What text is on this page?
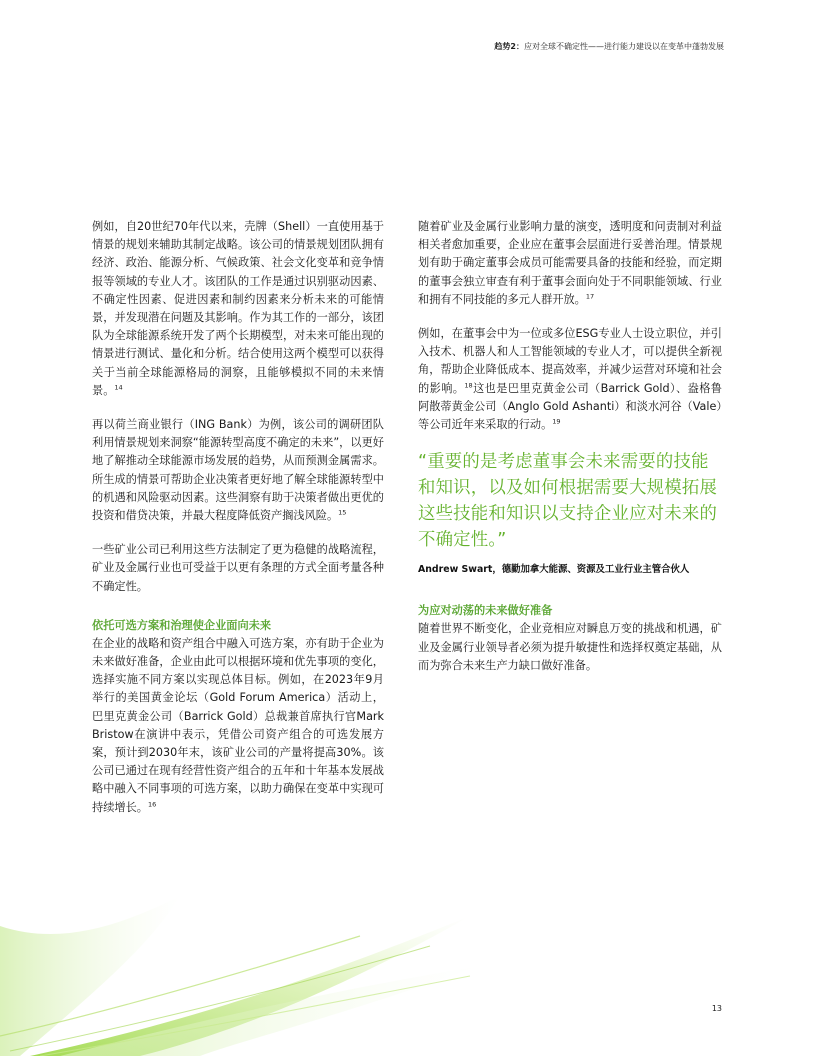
趋势2：应对全球不确定性——进行能力建设以在变革中蓬勃发展

例如，自20世纪70年代以来，壳牌（Shell）一直使用基于情景的规划来辅助其制定战略。该公司的情景规划团队拥有经济、政治、能源分析、气候政策、社会文化变革和竞争情报等领域的专业人才。该团队的工作是通过识别驱动因素、不确定性因素、促进因素和制约因素来分析未来的可能情景，并发现潜在问题及其影响。作为其工作的一部分，该团队为全球能源系统开发了两个长期模型，对未来可能出现的情景进行测试、量化和分析。结合使用这两个模型可以获得关于当前全球能源格局的洞察，且能够模拟不同的未来情景。$^{14}$

再以荷兰商业银行（ING Bank）为例，该公司的调研团队利用情景规划来洞察“能源转型高度不确定的未来”，以更好地了解推动全球能源市场发展的趋势，从而预测金属需求。所生成的情景可帮助企业决策者更好地了解全球能源转型中的机遇和风险驱动因素。这些洞察有助于决策者做出更优的投资和借贷决策，并最大程度降低资产搁浅风险。$^{15}$

一些矿业公司已利用这些方法制定了更为稳健的战略流程，矿业及金属行业也可受益于以更有条理的方式全面考量各种不确定性。

依托可选方案和治理使企业面向未来

在企业的战略和资产组合中融入可选方案，亦有助于企业为未来做好准备，企业由此可以根据环境和优先事项的变化，选择实施不同方案以实现总体目标。例如，在2023年9月举行的美国黄金论坛（Gold Forum America）活动上，巴里克黄金公司（Barrick Gold）总裁兼首席执行官Mark Bristow在演讲中表示，凭借公司资产组合的可选发展方案，预计到2030年末，该矿业公司的产量将提高30%。该公司已通过在现有经营性资产组合的五年和十年基本发展战略中融入不同事项的可选方案，以助力确保在变革中实现可持续增长。$^{16}$

随着矿业及金属行业影响力量的演变，透明度和问责制对利益相关者愈加重要，企业应在董事会层面进行妥善治理。情景规划有助于确定董事会成员可能需要具备的技能和经验，而定期的董事会独立审查有利于董事会面向处于不同职能领域、行业和拥有不同技能的多元人群开放。$^{17}$

例如，在董事会中为一位或多位ESG专业人士设立职位，并引入技术、机器人和人工智能领域的专业人才，可以提供全新视角，帮助企业降低成本、提高效率，并减少运营对环境和社会的影响。$^{18}$这也是巴里克黄金公司（Barrick Gold）、盎格鲁阿散蒂黄金公司（Anglo Gold Ashanti）和淡水河谷（Vale）等公司近年来采取的行动。$^{19}$

“重要的是考虑董事会未来需要的技能和知识，以及如何根据需要大规模拓展这些技能和知识以支持企业应对未来的不确定性。”
Andrew Swart，德勤加拿大能源、资源及工业行业主管合伙人
为应对动荡的未来做好准备

随着世界不断变化，企业竞相应对瞬息万变的挑战和机遇，矿业及金属行业领导者必须为提升敏捷性和选择权奠定基础，从而为弥合未来生产力缺口做好准备。

13
